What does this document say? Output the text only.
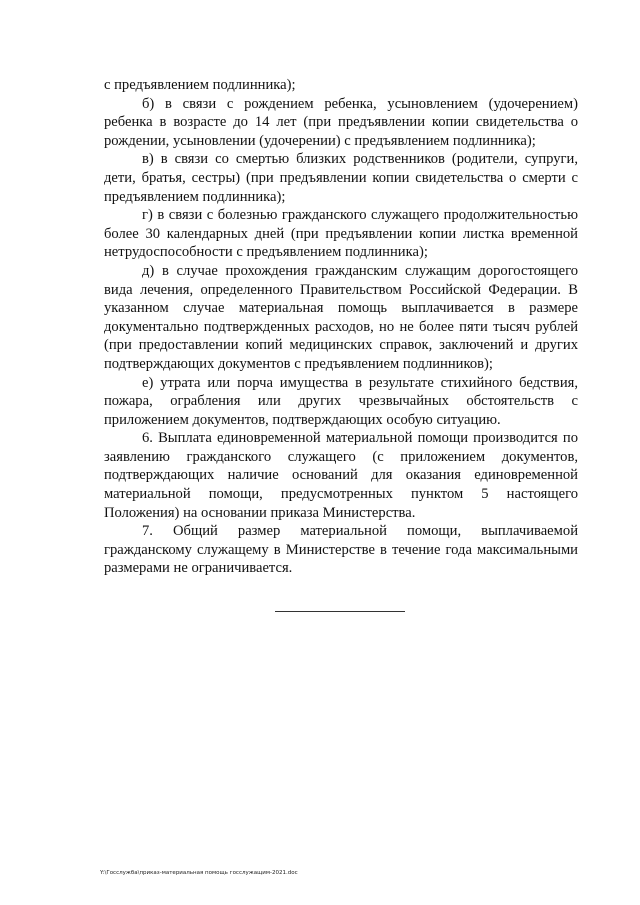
с предъявлением подлинника);

б) в связи с рождением ребенка, усыновлением (удочерением) ребенка в возрасте до 14 лет (при предъявлении копии свидетельства о рождении, усыновлении (удочерении) с предъявлением подлинника);

в) в связи со смертью близких родственников (родители, супруги, дети, братья, сестры) (при предъявлении копии свидетельства о смерти с предъявлением подлинника);

г) в связи с болезнью гражданского служащего продолжительностью более 30 календарных дней (при предъявлении копии листка временной нетрудоспособности с предъявлением подлинника);

д) в случае прохождения гражданским служащим дорогостоящего вида лечения, определенного Правительством Российской Федерации. В указанном случае материальная помощь выплачивается в размере документально подтвержденных расходов, но не более пяти тысяч рублей (при предоставлении копий медицинских справок, заключений и других подтверждающих документов с предъявлением подлинников);

е) утрата или порча имущества в результате стихийного бедствия, пожара, ограбления или других чрезвычайных обстоятельств с приложением документов, подтверждающих особую ситуацию.

6. Выплата единовременной материальной помощи производится по заявлению гражданского служащего (с приложением документов, подтверждающих наличие оснований для оказания единовременной материальной помощи, предусмотренных пунктом 5 настоящего Положения) на основании приказа Министерства.

7. Общий размер материальной помощи, выплачиваемой гражданскому служащему в Министерстве в течение года максимальными размерами не ограничивается.

Y:\Госслужба\приказ-материальная помощь госслужащим-2021.doc
